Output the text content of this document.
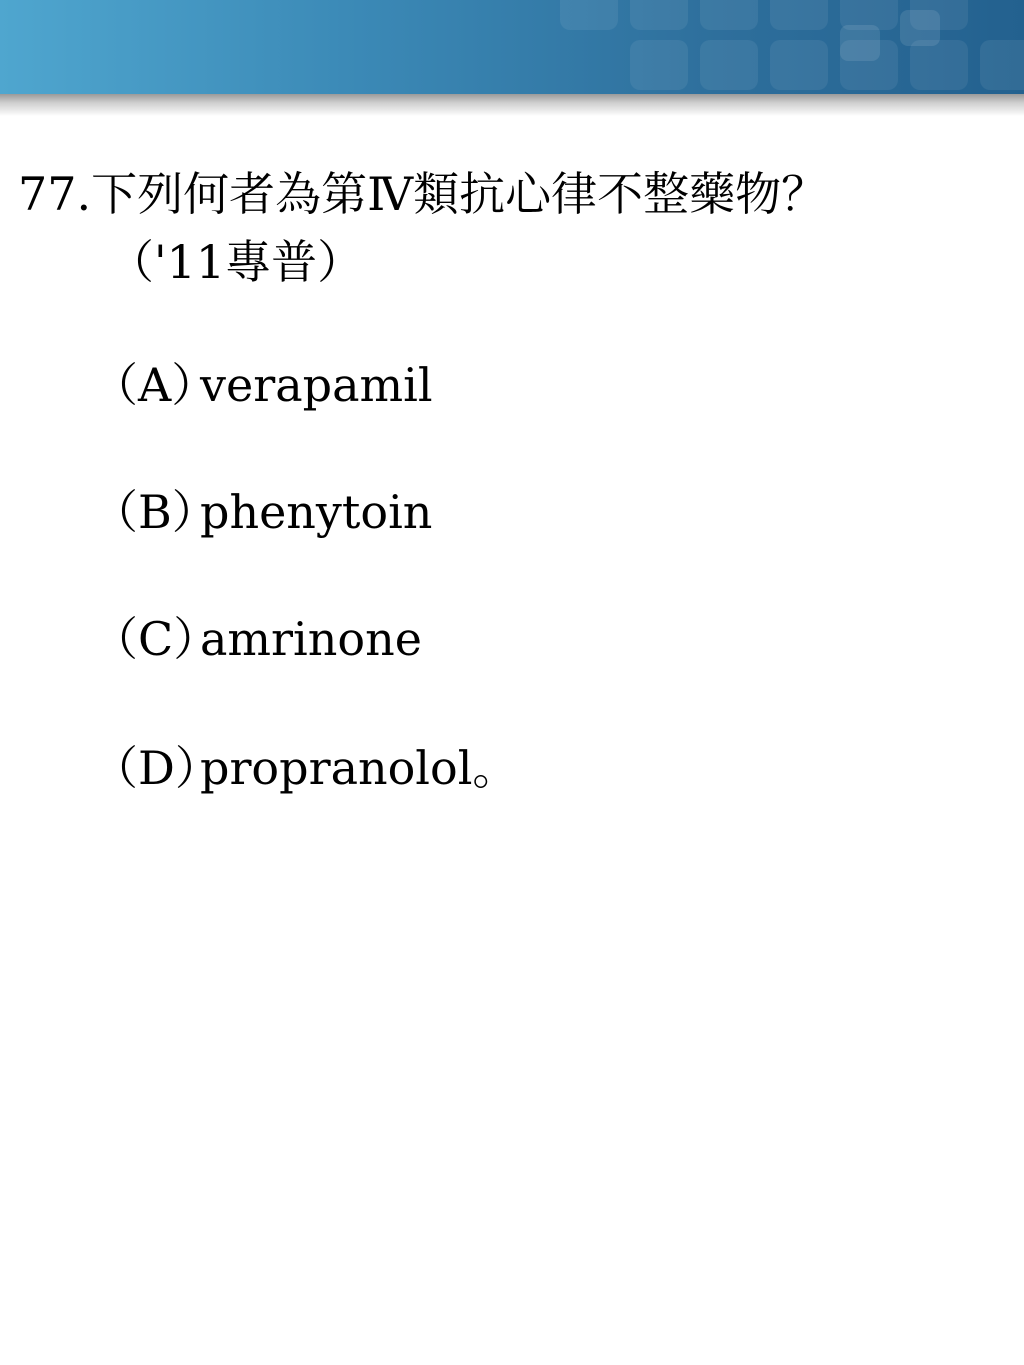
77.下列何者為第Ⅳ類抗心律不整藥物？
（'11專普）
（A）verapamil
（B）phenytoin
（C）amrinone
（D）propranolol。
